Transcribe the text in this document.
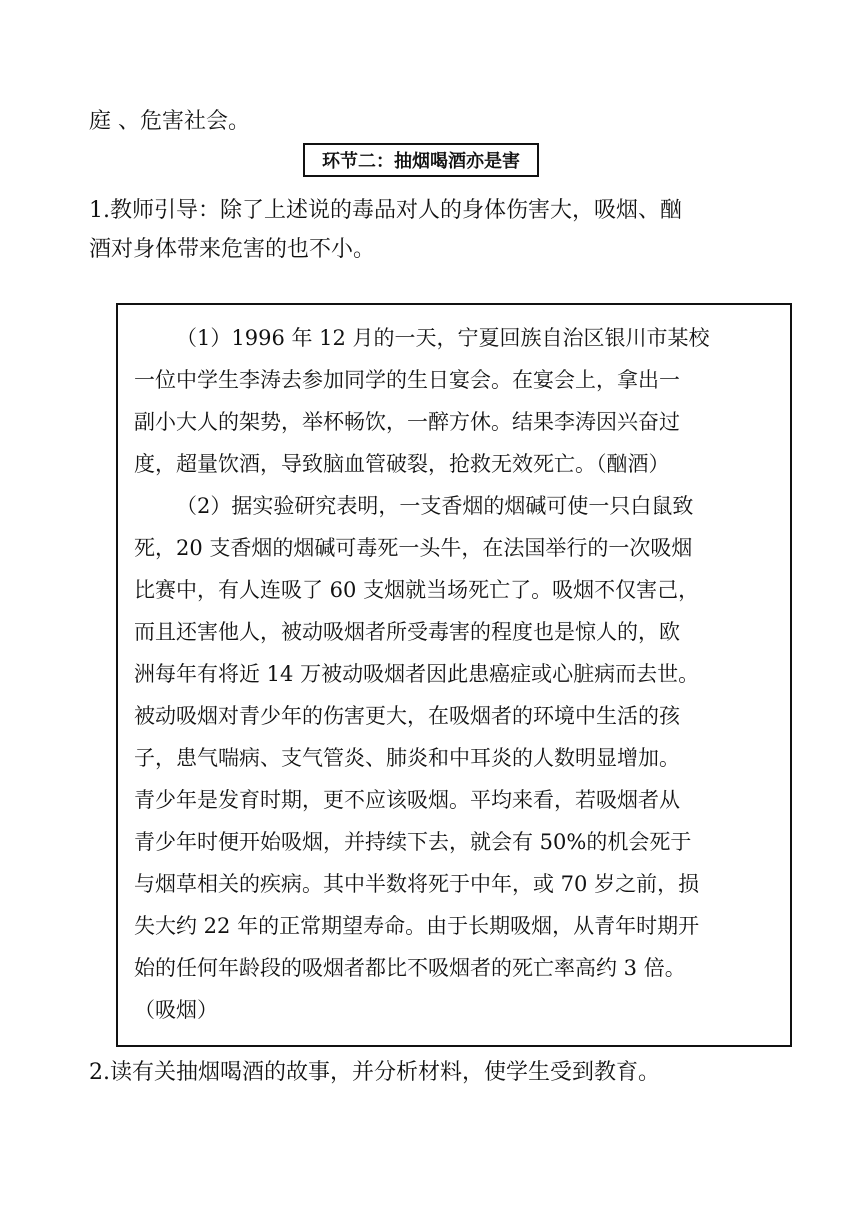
庭 、危害社会。
环节二：抽烟喝酒亦是害
1.教师引导：除了上述说的毒品对人的身体伤害大，吸烟、酗
酒对身体带来危害的也不小。
（1）1996 年 12 月的一天，宁夏回族自治区银川市某校
一位中学生李涛去参加同学的生日宴会。在宴会上，拿出一
副小大人的架势，举杯畅饮，一醉方休。结果李涛因兴奋过
度，超量饮酒，导致脑血管破裂，抢救无效死亡。（酗酒）
（2）据实验研究表明，一支香烟的烟碱可使一只白鼠致
死，20 支香烟的烟碱可毒死一头牛，在法国举行的一次吸烟
比赛中，有人连吸了 60 支烟就当场死亡了。吸烟不仅害己，
而且还害他人，被动吸烟者所受毒害的程度也是惊人的，欧
洲每年有将近 14 万被动吸烟者因此患癌症或心脏病而去世。
被动吸烟对青少年的伤害更大，在吸烟者的环境中生活的孩
子，患气喘病、支气管炎、肺炎和中耳炎的人数明显增加。
青少年是发育时期，更不应该吸烟。平均来看，若吸烟者从
青少年时便开始吸烟，并持续下去，就会有 50%的机会死于
与烟草相关的疾病。其中半数将死于中年，或 70 岁之前，损
失大约 22 年的正常期望寿命。由于长期吸烟，从青年时期开
始的任何年龄段的吸烟者都比不吸烟者的死亡率高约 3 倍。
（吸烟）
2.读有关抽烟喝酒的故事，并分析材料，使学生受到教育。
